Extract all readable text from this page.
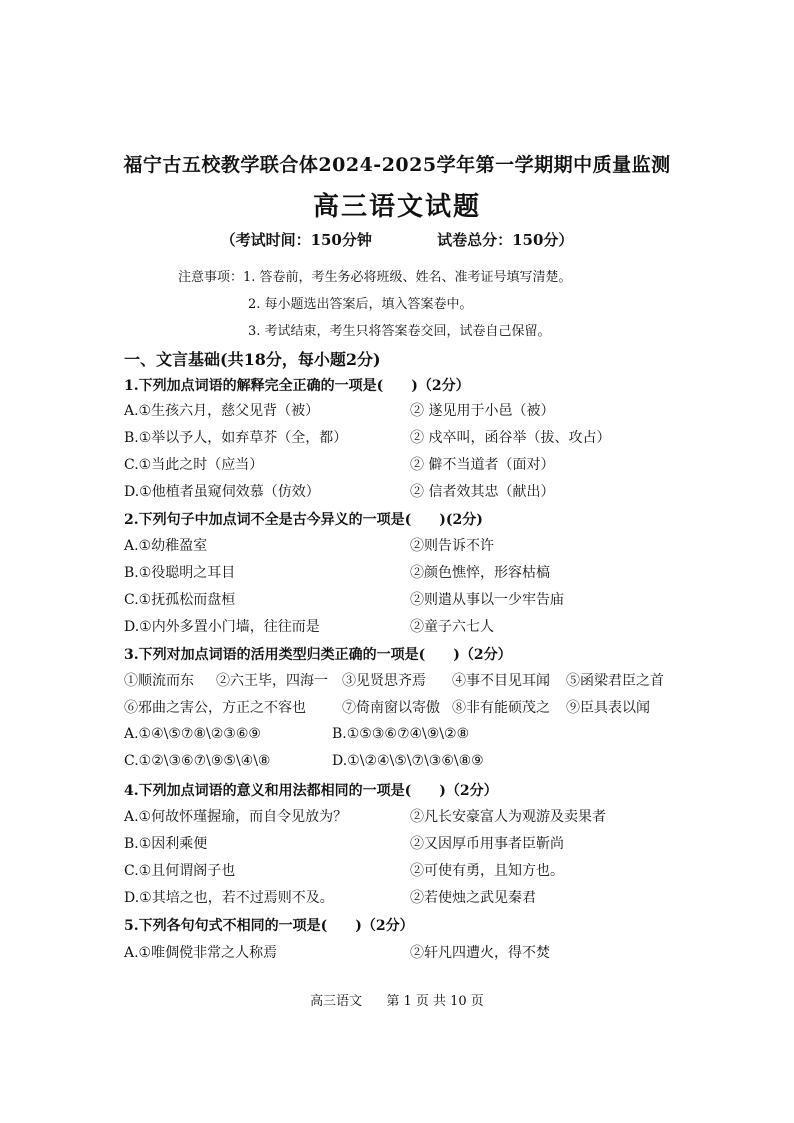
福宁古五校教学联合体2024-2025学年第一学期期中质量监测
高三语文试题
（考试时间：150分钟	试卷总分：150分）
注意事项：1. 答卷前，考生务必将班级、姓名、准考证号填写清楚。
2. 每小题选出答案后，填入答案卷中。
3. 考试结束，考生只将答案卷交回，试卷自己保留。
一、文言基础(共18分，每小题2分)
1.下列加点词语的解释完全正确的一项是(　　)（2分）
A.①生孩六月，慈父见背（被）	② 遂见用于小邑（被）
B.①举以予人，如弃草芥（全，都）	② 戍卒叫，函谷举（拔、攻占）
C.①当此之时（应当）	② 僻不当道者（面对）
D.①他植者虽窥伺效慕（仿效）	② 信者效其忠（献出）
2.下列句子中加点词不全是古今异义的一项是(　　)(2分)
A.①幼稚盈室	②则告诉不许
B.①役聪明之耳目	②颜色憔悴，形容枯槁
C.①抚孤松而盘桓	②则遣从事以一少牢告庙
D.①内外多置小门墙，往往而是	②童子六七人
3.下列对加点词语的活用类型归类正确的一项是(　　)（2分）
①顺流而东 ②六王毕，四海一 ③见贤思齐焉 ④事不目见耳闻 ⑤函梁君臣之首
⑥邪曲之害公，方正之不容也	⑦倚南窗以寄傲 ⑧非有能硕茂之 ⑨臣具表以闻
A.①④\⑤⑦⑧\②③⑥⑨	B.①⑤③⑥⑦④\⑨\②⑧
C.①②\③⑥⑦\⑨⑤\④\⑧	D.①\②④\⑤\⑦\③⑥\⑧⑨
4.下列加点词语的意义和用法都相同的一项是(　　)（2分）
A.①何故怀瑾握瑜，而自令见放为？	②凡长安豪富人为观游及卖果者
B.①因利乘便	②又因厚币用事者臣靳尚
C.①且何谓阁子也	②可使有勇，且知方也。
D.①其培之也，若不过焉则不及。	②若使烛之武见秦君
5.下列各句句式不相同的一项是(　　)（2分）
A.①唯倜傥非常之人称焉	②轩凡四遭火，得不焚
高三语文 第 1 页 共 10 页
